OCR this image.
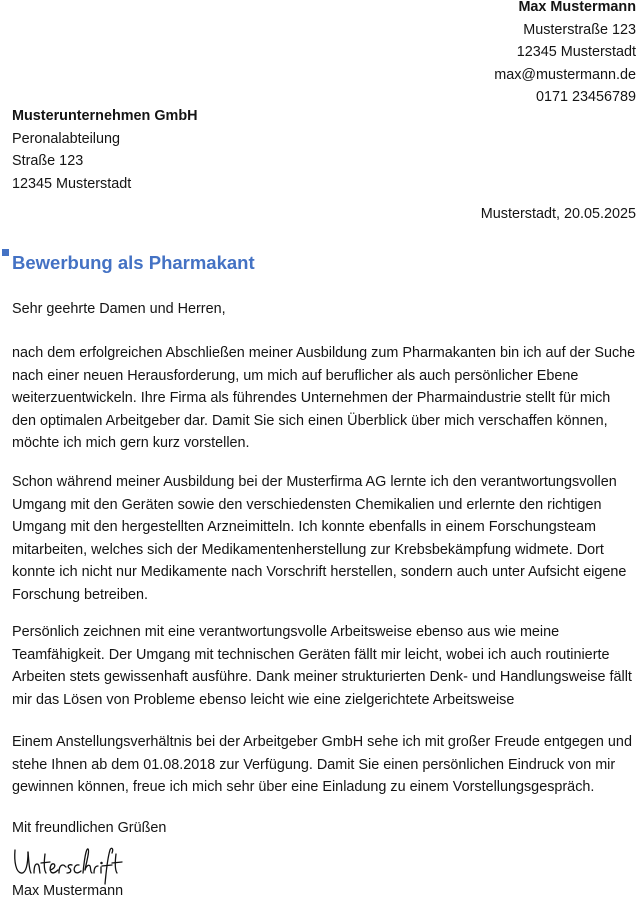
Max Mustermann
Musterstraße 123
12345 Musterstadt
max@mustermann.de
0171 23456789
Musterunternehmen GmbH
Peronalabteilung
Straße 123
12345 Musterstadt
Musterstadt, 20.05.2025
Bewerbung als Pharmakant

Sehr geehrte Damen und Herren,

nach dem erfolgreichen Abschließen meiner Ausbildung zum Pharmakanten bin ich auf der Suche nach einer neuen Herausforderung, um mich auf beruflicher als auch persönlicher Ebene weiterzuentwickeln. Ihre Firma als führendes Unternehmen der Pharmaindustrie stellt für mich den optimalen Arbeitgeber dar. Damit Sie sich einen Überblick über mich verschaffen können, möchte ich mich gern kurz vorstellen.

Schon während meiner Ausbildung bei der Musterfirma AG lernte ich den verantwortungsvollen Umgang mit den Geräten sowie den verschiedensten Chemikalien und erlernte den richtigen Umgang mit den hergestellten Arzneimitteln. Ich konnte ebenfalls in einem Forschungsteam mitarbeiten, welches sich der Medikamentenherstellung zur Krebsbekämpfung widmete. Dort konnte ich nicht nur Medikamente nach Vorschrift herstellen, sondern auch unter Aufsicht eigene Forschung betreiben.

Persönlich zeichnen mit eine verantwortungsvolle Arbeitsweise ebenso aus wie meine Teamfähigkeit. Der Umgang mit technischen Geräten fällt mir leicht, wobei ich auch routinierte Arbeiten stets gewissenhaft ausführe. Dank meiner strukturierten Denk- und Handlungsweise fällt mir das Lösen von Probleme ebenso leicht wie eine zielgerichtete Arbeitsweise

Einem Anstellungsverhältnis bei der Arbeitgeber GmbH sehe ich mit großer Freude entgegen und stehe Ihnen ab dem 01.08.2018 zur Verfügung. Damit Sie einen persönlichen Eindruck von mir gewinnen können, freue ich mich sehr über eine Einladung zu einem Vorstellungsgespräch.

Mit freundlichen Grüßen

Max Mustermann
